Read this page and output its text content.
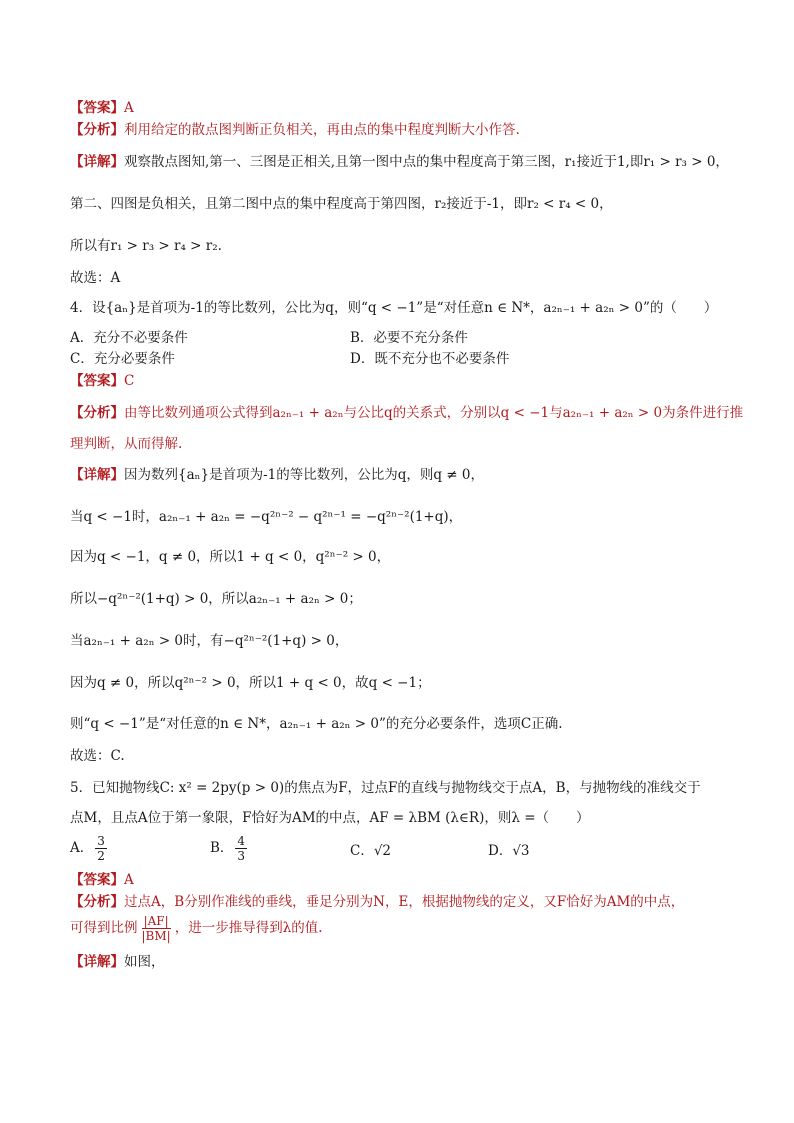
【答案】A
【分析】利用给定的散点图判断正负相关，再由点的集中程度判断大小作答.
【详解】观察散点图知,第一、三图是正相关,且第一图中点的集中程度高于第三图，r₁接近于1,即r₁ > r₃ > 0，
第二、四图是负相关，且第二图中点的集中程度高于第四图，r₂接近于-1，即r₂ < r₄ < 0，
所以有r₁ > r₃ > r₄ > r₂.
故选：A
4．设{aₙ}是首项为-1的等比数列，公比为q，则“q < −1”是“对任意n ∈ N*，a₂ₙ₋₁ + a₂ₙ > 0”的（　　）
A．充分不必要条件	B．必要不充分条件
C．充分必要条件	D．既不充分也不必要条件
【答案】C
【分析】由等比数列通项公式得到a₂ₙ₋₁ + a₂ₙ与公比q的关系式，分别以q < −1与a₂ₙ₋₁ + a₂ₙ > 0为条件进行推
理判断，从而得解.
【详解】因为数列{aₙ}是首项为-1的等比数列，公比为q，则q ≠ 0，
当q < −1时，a₂ₙ₋₁ + a₂ₙ = −q²ⁿ⁻² − q²ⁿ⁻¹ = −q²ⁿ⁻²(1+q)，
因为q < −1，q ≠ 0，所以1 + q < 0，q²ⁿ⁻² > 0，
所以−q²ⁿ⁻²(1+q) > 0，所以a₂ₙ₋₁ + a₂ₙ > 0；
当a₂ₙ₋₁ + a₂ₙ > 0时，有−q²ⁿ⁻²(1+q) > 0，
因为q ≠ 0，所以q²ⁿ⁻² > 0，所以1 + q < 0，故q < −1；
则“q < −1”是“对任意的n ∈ N*，a₂ₙ₋₁ + a₂ₙ > 0”的充分必要条件，选项C正确.
故选：C.
5．已知抛物线C: x² = 2py(p > 0)的焦点为F，过点F的直线与抛物线交于点A，B，与抛物线的准线交于
点M，且点A位于第一象限，F恰好为AM的中点，AF = λBM (λ∈R)，则λ =（　　）
A． $\frac{3}{2}$	B． $\frac{4}{3}$	C．√2	D．√3
【答案】A
【分析】过点A，B分别作准线的垂线，垂足分别为N，E，根据抛物线的定义，又F恰好为AM的中点，
可得到比例 $\frac{|AF|}{|BM|}$ ，进一步推导得到λ的值.
【详解】如图，
